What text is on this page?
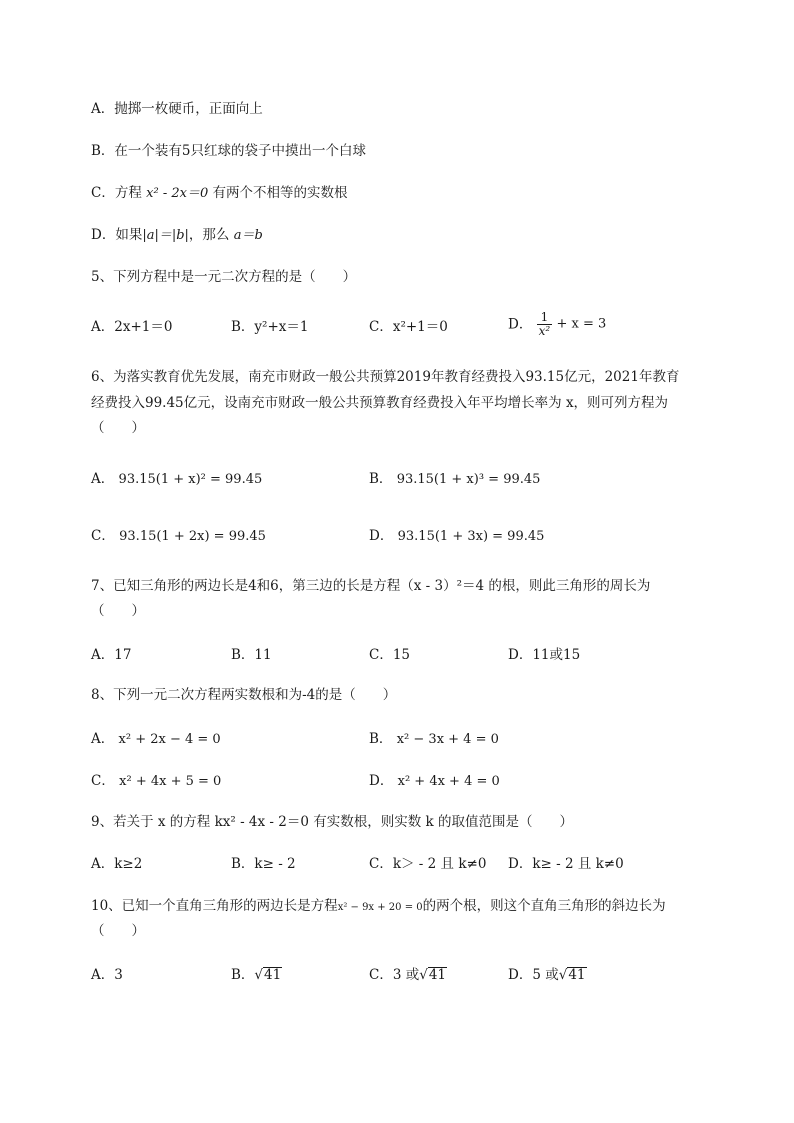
A．抛掷一枚硬币，正面向上
B．在一个装有5只红球的袋子中摸出一个白球
C．方程 x² - 2x＝0 有两个不相等的实数根
D．如果|a|＝|b|，那么 a＝b
5、下列方程中是一元二次方程的是（　　）
A．2x+1＝0	B．y²+x＝1	C．x²+1＝0	D． $\frac{1}{\text{x²}} + x = 3$
6、为落实教育优先发展，南充市财政一般公共预算2019年教育经费投入93.15亿元，2021年教育
经费投入99.45亿元，设南充市财政一般公共预算教育经费投入年平均增长率为 x，则可列方程为
（　　）
A． 93.15(1 + x)² = 99.45	B． 93.15(1 + x)³ = 99.45
C． 93.15(1 + 2x) = 99.45	D． 93.15(1 + 3x) = 99.45
7、已知三角形的两边长是4和6，第三边的长是方程（x - 3）²＝4 的根，则此三角形的周长为
（　　）
A．17	B．11	C．15	D．11或15
8、下列一元二次方程两实数根和为-4的是（　　）
A． x² + 2x − 4 = 0	B． x² − 3x + 4 = 0
C． x² + 4x + 5 = 0	D． x² + 4x + 4 = 0
9、若关于 x 的方程 kx² - 4x - 2＝0 有实数根，则实数 k 的取值范围是（　　）
A．k≥2	B．k≥ - 2	C．k＞ - 2 且 k≠0 D．k≥ - 2 且 k≠0
10、已知一个直角三角形的两边长是方程x² − 9x + 20 = 0的两个根，则这个直角三角形的斜边长为
（　　）
A．3	B．√41	C．3 或√41	D．5 或√41
